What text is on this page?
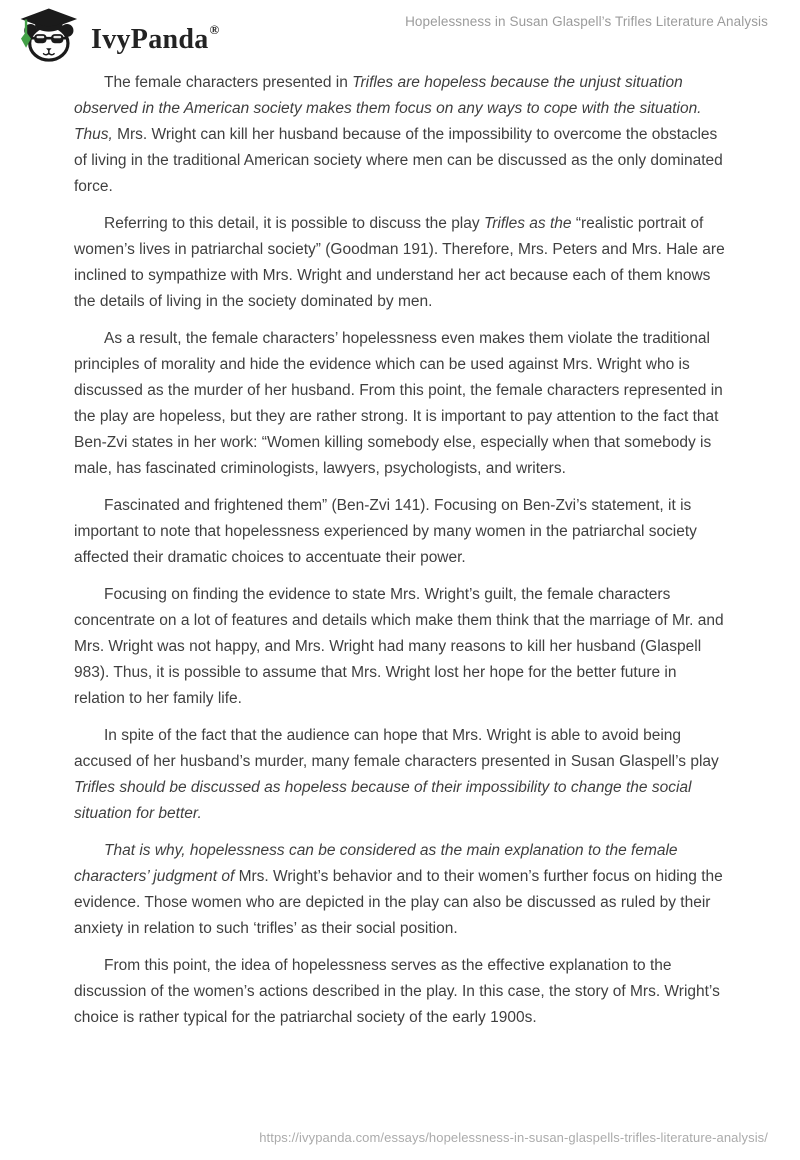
IvyPanda®	Hopelessness in Susan Glaspell’s Trifles Literature Analysis

The female characters presented in Trifles are hopeless because the unjust situation observed in the American society makes them focus on any ways to cope with the situation. Thus, Mrs. Wright can kill her husband because of the impossibility to overcome the obstacles of living in the traditional American society where men can be discussed as the only dominated force.

Referring to this detail, it is possible to discuss the play Trifles as the “realistic portrait of women’s lives in patriarchal society” (Goodman 191). Therefore, Mrs. Peters and Mrs. Hale are inclined to sympathize with Mrs. Wright and understand her act because each of them knows the details of living in the society dominated by men.

As a result, the female characters’ hopelessness even makes them violate the traditional principles of morality and hide the evidence which can be used against Mrs. Wright who is discussed as the murder of her husband. From this point, the female characters represented in the play are hopeless, but they are rather strong. It is important to pay attention to the fact that Ben-Zvi states in her work: “Women killing somebody else, especially when that somebody is male, has fascinated criminologists, lawyers, psychologists, and writers.

Fascinated and frightened them” (Ben-Zvi 141). Focusing on Ben-Zvi’s statement, it is important to note that hopelessness experienced by many women in the patriarchal society affected their dramatic choices to accentuate their power.

Focusing on finding the evidence to state Mrs. Wright’s guilt, the female characters concentrate on a lot of features and details which make them think that the marriage of Mr. and Mrs. Wright was not happy, and Mrs. Wright had many reasons to kill her husband (Glaspell 983). Thus, it is possible to assume that Mrs. Wright lost her hope for the better future in relation to her family life.

In spite of the fact that the audience can hope that Mrs. Wright is able to avoid being accused of her husband’s murder, many female characters presented in Susan Glaspell’s play Trifles should be discussed as hopeless because of their impossibility to change the social situation for better.

That is why, hopelessness can be considered as the main explanation to the female characters’ judgment of Mrs. Wright’s behavior and to their women’s further focus on hiding the evidence. Those women who are depicted in the play can also be discussed as ruled by their anxiety in relation to such ‘trifles’ as their social position.

From this point, the idea of hopelessness serves as the effective explanation to the discussion of the women’s actions described in the play. In this case, the story of Mrs. Wright’s choice is rather typical for the patriarchal society of the early 1900s.

https://ivypanda.com/essays/hopelessness-in-susan-glaspells-trifles-literature-analysis/
